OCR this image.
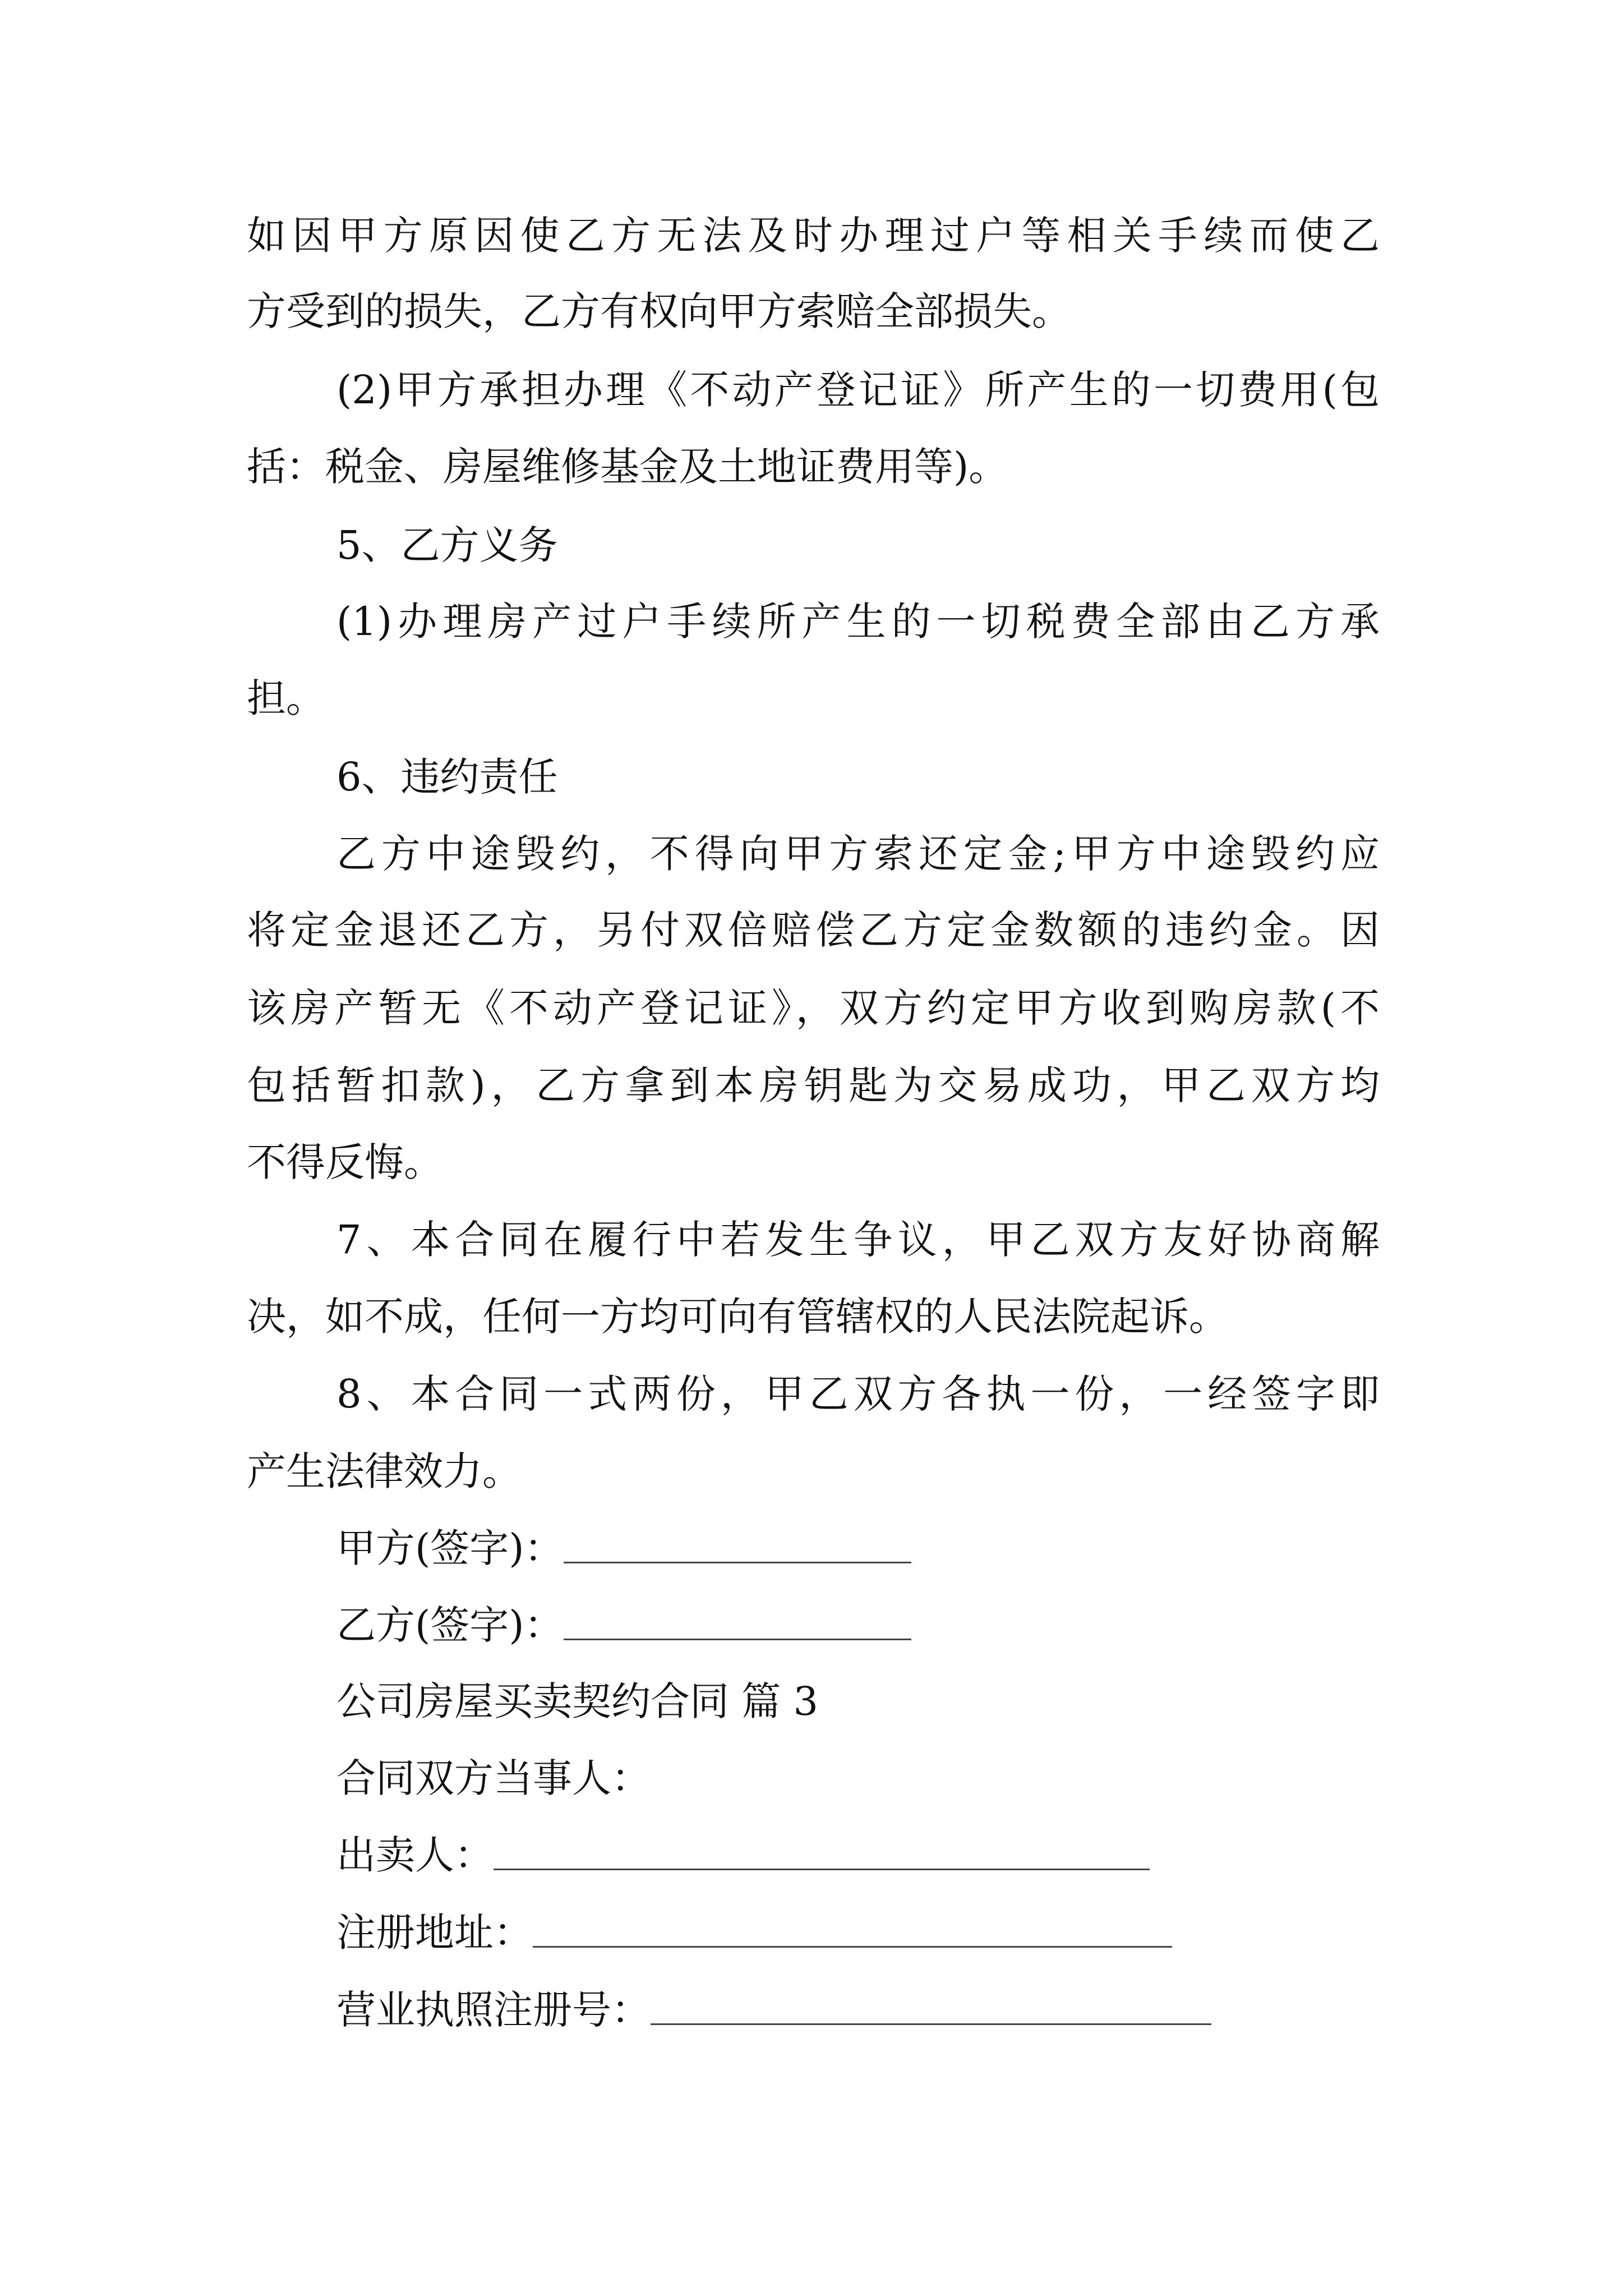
如因甲方原因使乙方无法及时办理过户等相关手续而使乙
方受到的损失，乙方有权向甲方索赔全部损失。
(2)甲方承担办理《不动产登记证》所产生的一切费用(包
括：税金、房屋维修基金及土地证费用等)。
5、乙方义务
(1)办理房产过户手续所产生的一切税费全部由乙方承
担。
6、违约责任
乙方中途毁约，不得向甲方索还定金;甲方中途毁约应
将定金退还乙方，另付双倍赔偿乙方定金数额的违约金。因
该房产暂无《不动产登记证》，双方约定甲方收到购房款(不
包括暂扣款)，乙方拿到本房钥匙为交易成功，甲乙双方均
不得反悔。
7、本合同在履行中若发生争议，甲乙双方友好协商解
决，如不成，任何一方均可向有管辖权的人民法院起诉。
8、本合同一式两份，甲乙双方各执一份，一经签字即
产生法律效力。
甲方(签字)：
乙方(签字)：
公司房屋买卖契约合同 篇 3
合同双方当事人：
出卖人：
注册地址：
营业执照注册号：
